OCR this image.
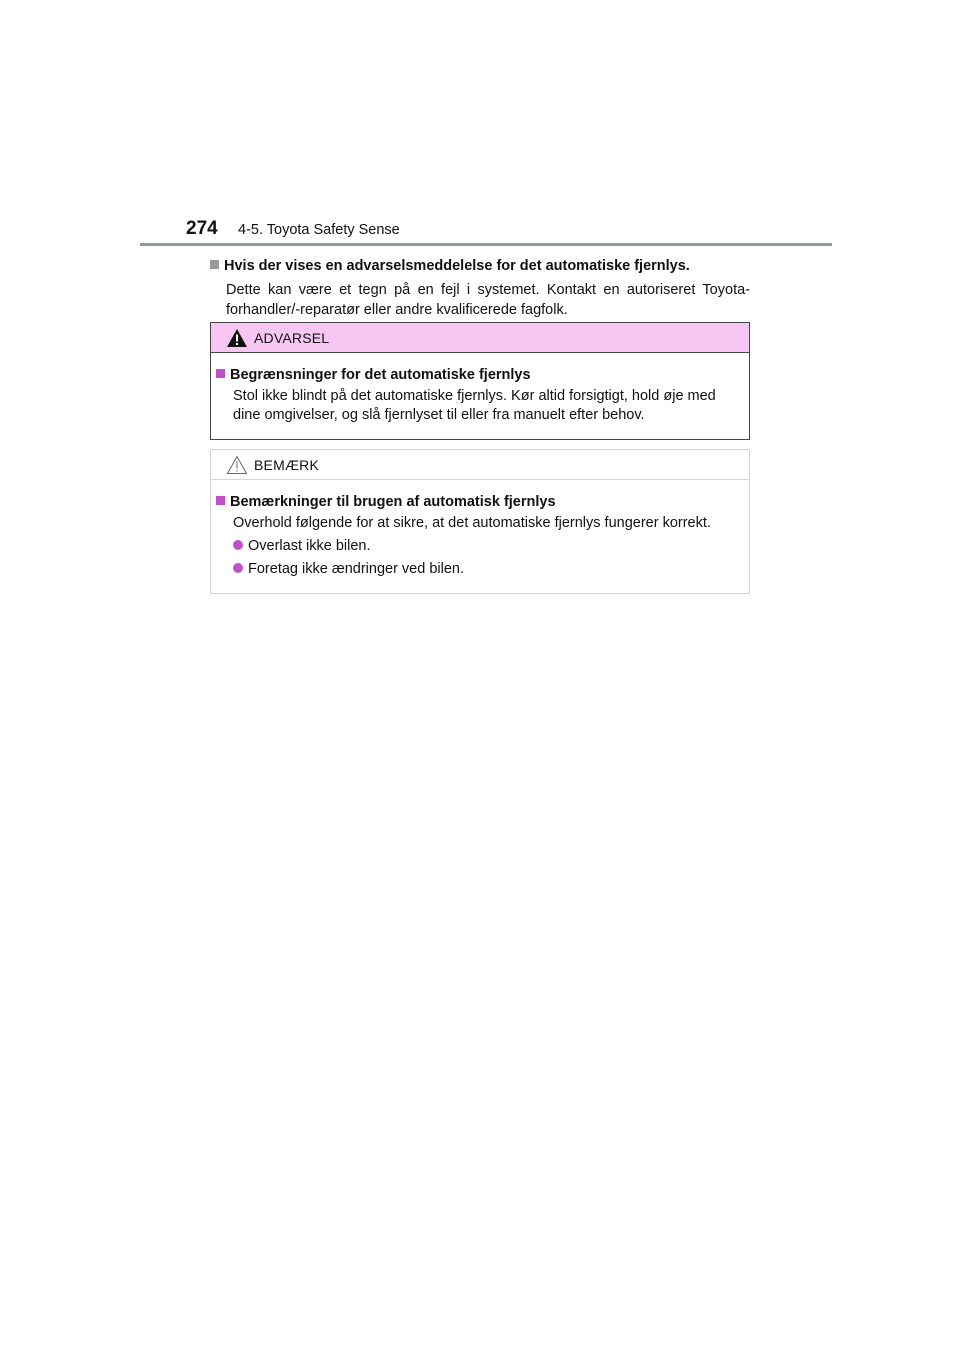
274 4-5. Toyota Safety Sense
Hvis der vises en advarselsmeddelelse for det automatiske fjernlys.
Dette kan være et tegn på en fejl i systemet. Kontakt en autoriseret Toyota-forhandler/-reparatør eller andre kvalificerede fagfolk.
ADVARSEL
Begrænsninger for det automatiske fjernlys
Stol ikke blindt på det automatiske fjernlys. Kør altid forsigtigt, hold øje med dine omgivelser, og slå fjernlyset til eller fra manuelt efter behov.
BEMÆRK
Bemærkninger til brugen af automatisk fjernlys
Overhold følgende for at sikre, at det automatiske fjernlys fungerer korrekt.
Overlast ikke bilen.
Foretag ikke ændringer ved bilen.
